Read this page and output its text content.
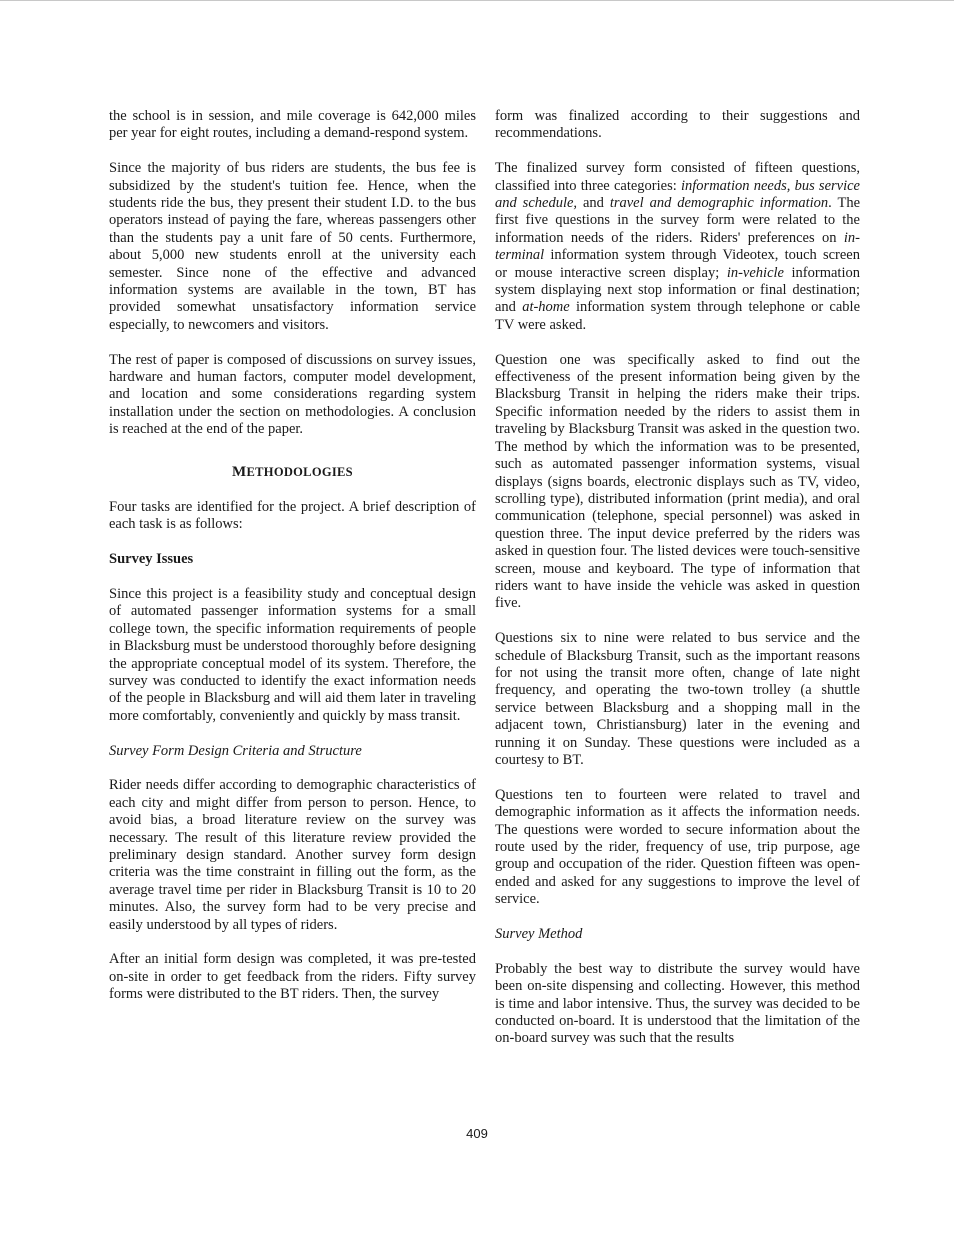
the school is in session, and mile coverage is 642,000 miles per year for eight routes, including a demand-respond system.

Since the majority of bus riders are students, the bus fee is subsidized by the student's tuition fee. Hence, when the students ride the bus, they present their student I.D. to the bus operators instead of paying the fare, whereas passengers other than the students pay a unit fare of 50 cents. Furthermore, about 5,000 new students enroll at the university each semester. Since none of the effective and advanced information systems are available in the town, BT has provided somewhat unsatisfactory information service especially, to newcomers and visitors.

The rest of paper is composed of discussions on survey issues, hardware and human factors, computer model development, and location and some considerations regarding system installation under the section on methodologies. A conclusion is reached at the end of the paper.

METHODOLOGIES

Four tasks are identified for the project. A brief description of each task is as follows:

Survey Issues

Since this project is a feasibility study and conceptual design of automated passenger information systems for a small college town, the specific information requirements of people in Blacksburg must be understood thoroughly before designing the appropriate conceptual model of its system. Therefore, the survey was conducted to identify the exact information needs of the people in Blacksburg and will aid them later in traveling more comfortably, conveniently and quickly by mass transit.

Survey Form Design Criteria and Structure

Rider needs differ according to demographic characteristics of each city and might differ from person to person. Hence, to avoid bias, a broad literature review on the survey was necessary. The result of this literature review provided the preliminary design standard. Another survey form design criteria was the time constraint in filling out the form, as the average travel time per rider in Blacksburg Transit is 10 to 20 minutes. Also, the survey form had to be very precise and easily understood by all types of riders.

After an initial form design was completed, it was pre-tested on-site in order to get feedback from the riders. Fifty survey forms were distributed to the BT riders. Then, the survey

form was finalized according to their suggestions and recommendations.

The finalized survey form consisted of fifteen questions, classified into three categories: information needs, bus service and schedule, and travel and demographic information. The first five questions in the survey form were related to the information needs of the riders. Riders' preferences on in-terminal information system through Videotex, touch screen or mouse interactive screen display; in-vehicle information system displaying next stop information or final destination; and at-home information system through telephone or cable TV were asked.

Question one was specifically asked to find out the effectiveness of the present information being given by the Blacksburg Transit in helping the riders make their trips. Specific information needed by the riders to assist them in traveling by Blacksburg Transit was asked in the question two. The method by which the information was to be presented, such as automated passenger information systems, visual displays (signs boards, electronic displays such as TV, video, scrolling type), distributed information (print media), and oral communication (telephone, special personnel) was asked in question three. The input device preferred by the riders was asked in question four. The listed devices were touch-sensitive screen, mouse and keyboard. The type of information that riders want to have inside the vehicle was asked in question five.

Questions six to nine were related to bus service and the schedule of Blacksburg Transit, such as the important reasons for not using the transit more often, change of late night frequency, and operating the two-town trolley (a shuttle service between Blacksburg and a shopping mall in the adjacent town, Christiansburg) later in the evening and running it on Sunday. These questions were included as a courtesy to BT.

Questions ten to fourteen were related to travel and demographic information as it affects the information needs. The questions were worded to secure information about the route used by the rider, frequency of use, trip purpose, age group and occupation of the rider. Question fifteen was open-ended and asked for any suggestions to improve the level of service.

Survey Method

Probably the best way to distribute the survey would have been on-site dispensing and collecting. However, this method is time and labor intensive. Thus, the survey was decided to be conducted on-board. It is understood that the limitation of the on-board survey was such that the results

409
